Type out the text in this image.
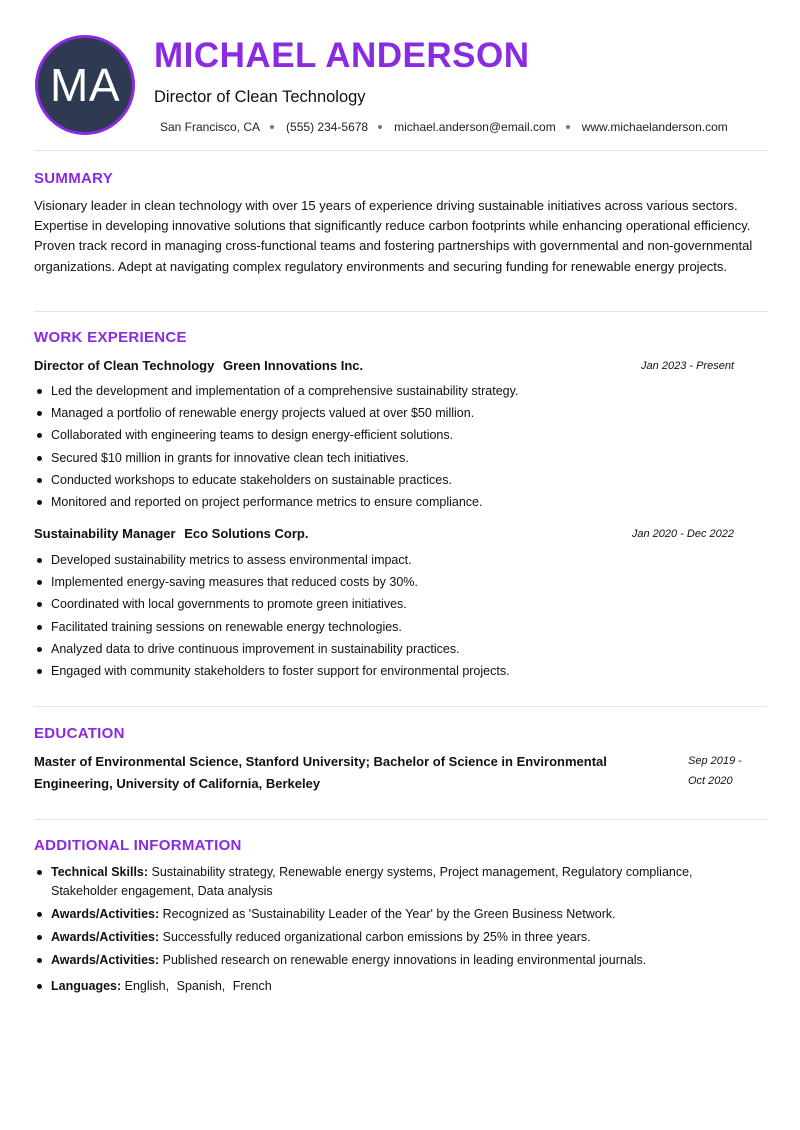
MA
MICHAEL ANDERSON
Director of Clean Technology
San Francisco, CA (555) 234-5678 michael.anderson@email.com www.michaelanderson.com
SUMMARY
Visionary leader in clean technology with over 15 years of experience driving sustainable initiatives across various sectors. Expertise in developing innovative solutions that significantly reduce carbon footprints while enhancing operational efficiency. Proven track record in managing cross-functional teams and fostering partnerships with governmental and non-governmental organizations. Adept at navigating complex regulatory environments and securing funding for renewable energy projects.
WORK EXPERIENCE
Director of Clean Technology Green Innovations Inc.	Jan 2023 - Present
Led the development and implementation of a comprehensive sustainability strategy.
Managed a portfolio of renewable energy projects valued at over $50 million.
Collaborated with engineering teams to design energy-efficient solutions.
Secured $10 million in grants for innovative clean tech initiatives.
Conducted workshops to educate stakeholders on sustainable practices.
Monitored and reported on project performance metrics to ensure compliance.
Sustainability Manager Eco Solutions Corp.	Jan 2020 - Dec 2022
Developed sustainability metrics to assess environmental impact.
Implemented energy-saving measures that reduced costs by 30%.
Coordinated with local governments to promote green initiatives.
Facilitated training sessions on renewable energy technologies.
Analyzed data to drive continuous improvement in sustainability practices.
Engaged with community stakeholders to foster support for environmental projects.
EDUCATION
Master of Environmental Science, Stanford University; Bachelor of Science in Environmental Engineering, University of California, Berkeley
Sep 2019 -
Oct 2020
ADDITIONAL INFORMATION
Technical Skills: Sustainability strategy, Renewable energy systems, Project management, Regulatory compliance, Stakeholder engagement, Data analysis
Awards/Activities: Recognized as 'Sustainability Leader of the Year' by the Green Business Network.
Awards/Activities: Successfully reduced organizational carbon emissions by 25% in three years.
Awards/Activities: Published research on renewable energy innovations in leading environmental journals.
Languages: English, Spanish, French
